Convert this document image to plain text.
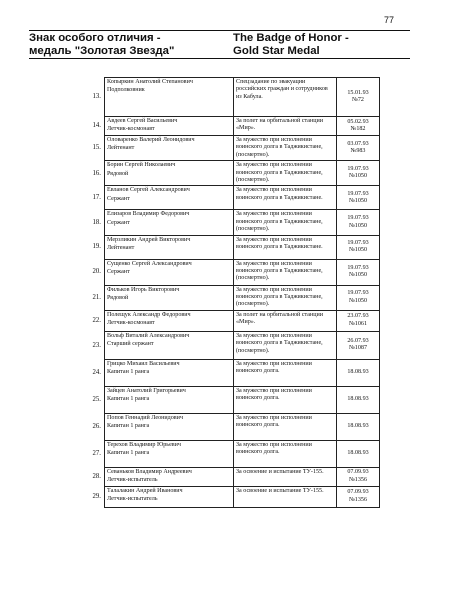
77
Знак особого отличия -
медаль "Золотая Звезда"
The Badge of Honor -
Gold Star Medal
13.	Копыркин Анатолий Степанович
Подполковник	Спецзадание по эвакуации российских граждан и сотрудников из Кабула.	15.01.93
№72

14.	Авдеев Сергей Васильевич
Летчик-космонавт	За полет на орбитальной станции «Мир».	05.02.93
№182

15.	Оловаренко Валерий Леонидович
Лейтенант	За мужество при исполнении воинского долга в Таджикистане, (посмертно).	03.07.93
№983

16.	Борин Сергей Николаевич
Рядовой	За мужество при исполнении воинского долга в Таджикистане, (посмертно).	19.07.93
№1050

17.	Евланов Сергей Александрович
Сержант	За мужество при исполнении воинского долга в Таджикистане.	19.07.93
№1050

18.	Елизаров Владимир Федорович
Сержант	За мужество при исполнении воинского долга в Таджикистане, (посмертно).	19.07.93
№1050

19.	Мерзликин Андрей Викторович
Лейтенант	За мужество при исполнении воинского долга в Таджикистане.	19.07.93
№1050

20.	Сущенко Сергей Александрович
Сержант	За мужество при исполнении воинского долга в Таджикистане, (посмертно).	19.07.93
№1050

21.	Фильков Игорь Викторович
Рядовой	За мужество при исполнении воинского долга в Таджикистане, (посмертно).	19.07.93
№1050

22.	Полещук Александр Федорович
Летчик-космонавт	За полет на орбитальной станции «Мир».	23.07.93
№1061

23.	Вольф Виталий Александрович
Старший сержант	За мужество при исполнении воинского долга в Таджикистане, (посмертно).	26.07.93
№1087

24.	Грицко Михаил Васильевич
Капитан 1 ранга	За мужество при исполнении воинского долга.	18.08.93

25.	Зайцев Анатолий Григорьевич
Капитан 1 ранга	За мужество при исполнении воинского долга.	18.08.93

26.	Попов Геннадий Леонидович
Капитан 1 ранга	За мужество при исполнении воинского долга.	18.08.93

27.	Терехов Владимир Юрьевич
Капитан 1 ранга	За мужество при исполнении воинского долга.	18.08.93

28.	Севаньков Владимир Андреевич
Летчик-испытатель	За освоение и испытание ТУ-155.	07.09.93
№1356

29.	Талалакин Андрей Иванович
Летчик-испытатель	За освоение и испытание ТУ-155.	07.09.93
№1356
